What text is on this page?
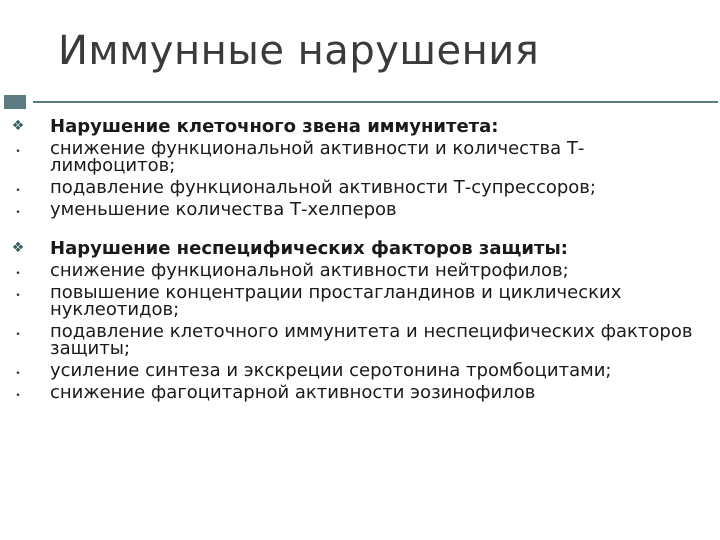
Иммунные нарушения
❖ Нарушение клеточного звена иммунитета:
• снижение функциональной активности и количества Т-лимфоцитов;
• подавление функциональной активности Т-супрессоров;
• уменьшение количества Т-хелперов
❖ Нарушение неспецифических факторов защиты:
• снижение функциональной активности нейтрофилов;
• повышение концентрации простагландинов и циклических нуклеотидов;
• подавление клеточного иммунитета и неспецифических факторов защиты;
• усиление синтеза и экскреции серотонина тромбоцитами;
• снижение фагоцитарной активности эозинофилов
